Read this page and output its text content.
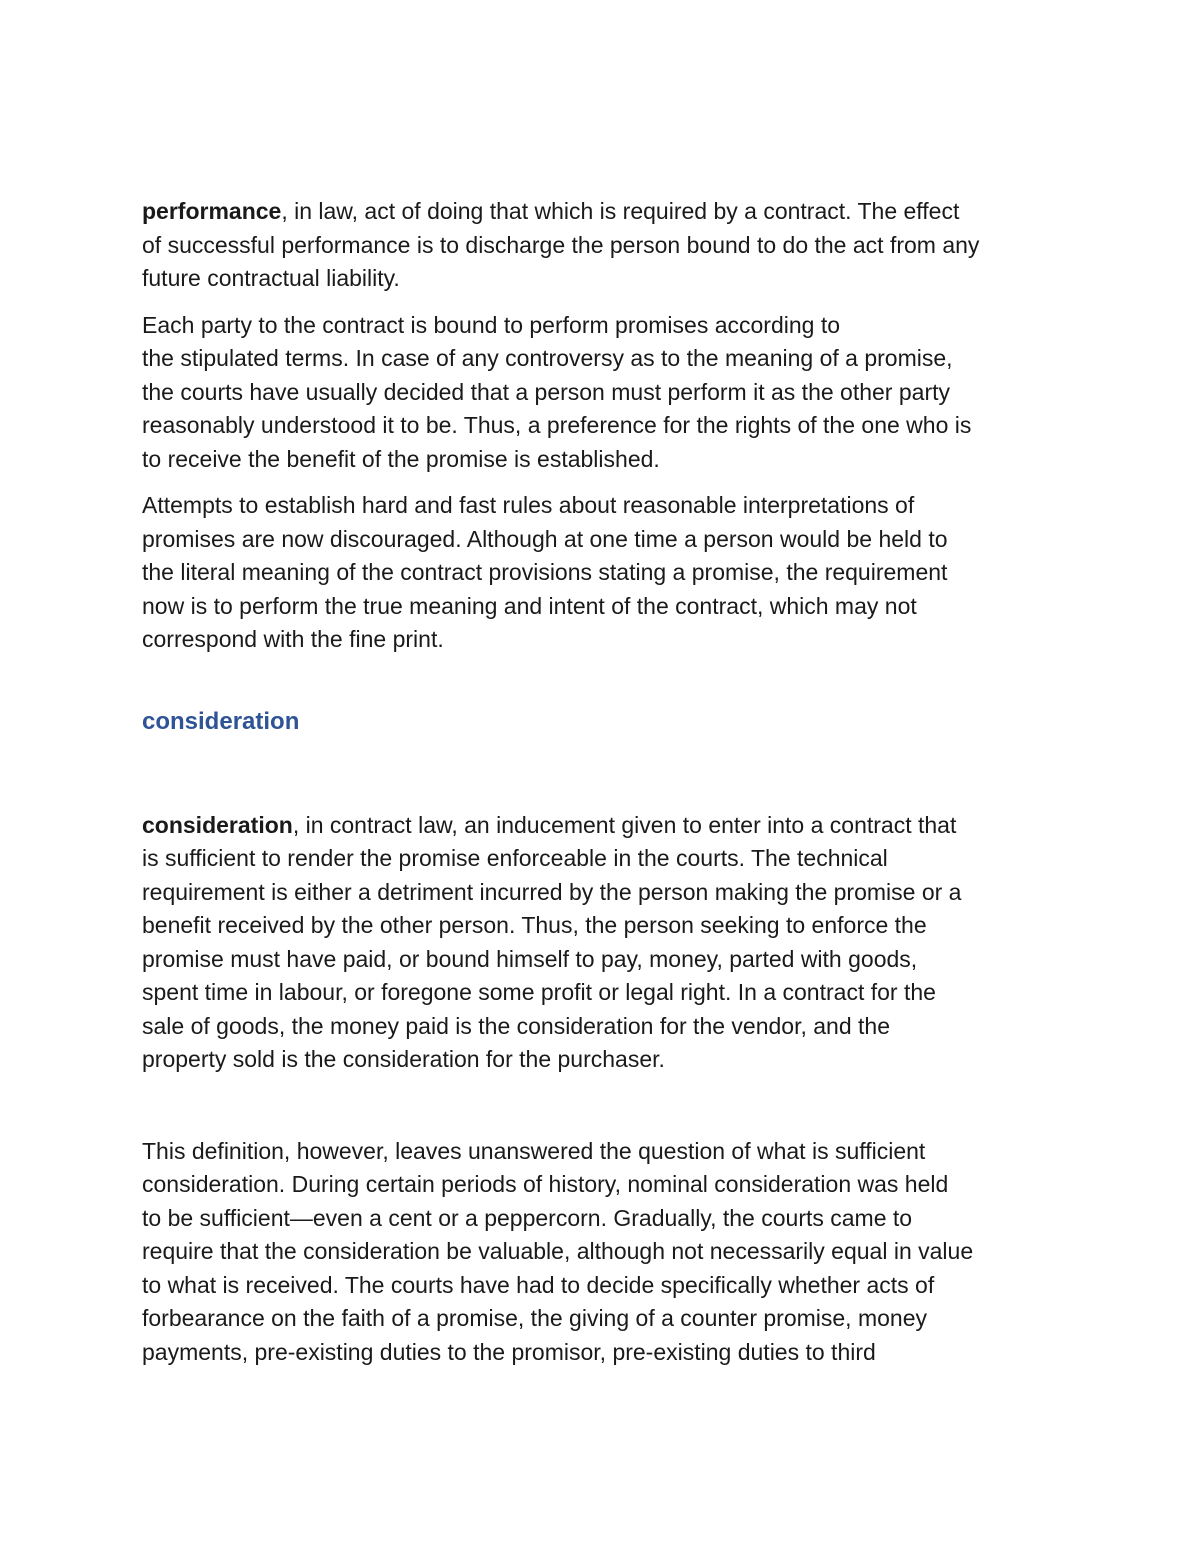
performance, in law, act of doing that which is required by a contract. The effect
of successful performance is to discharge the person bound to do the act from any
future contractual liability.

Each party to the contract is bound to perform promises according to
the stipulated terms. In case of any controversy as to the meaning of a promise,
the courts have usually decided that a person must perform it as the other party
reasonably understood it to be. Thus, a preference for the rights of the one who is
to receive the benefit of the promise is established.

Attempts to establish hard and fast rules about reasonable interpretations of
promises are now discouraged. Although at one time a person would be held to
the literal meaning of the contract provisions stating a promise, the requirement
now is to perform the true meaning and intent of the contract, which may not
correspond with the fine print.

consideration

consideration, in contract law, an inducement given to enter into a contract that
is sufficient to render the promise enforceable in the courts. The technical
requirement is either a detriment incurred by the person making the promise or a
benefit received by the other person. Thus, the person seeking to enforce the
promise must have paid, or bound himself to pay, money, parted with goods,
spent time in labour, or foregone some profit or legal right. In a contract for the
sale of goods, the money paid is the consideration for the vendor, and the
property sold is the consideration for the purchaser.

This definition, however, leaves unanswered the question of what is sufficient
consideration. During certain periods of history, nominal consideration was held
to be sufficient—even a cent or a peppercorn. Gradually, the courts came to
require that the consideration be valuable, although not necessarily equal in value
to what is received. The courts have had to decide specifically whether acts of
forbearance on the faith of a promise, the giving of a counter promise, money
payments, pre-existing duties to the promisor, pre-existing duties to third
